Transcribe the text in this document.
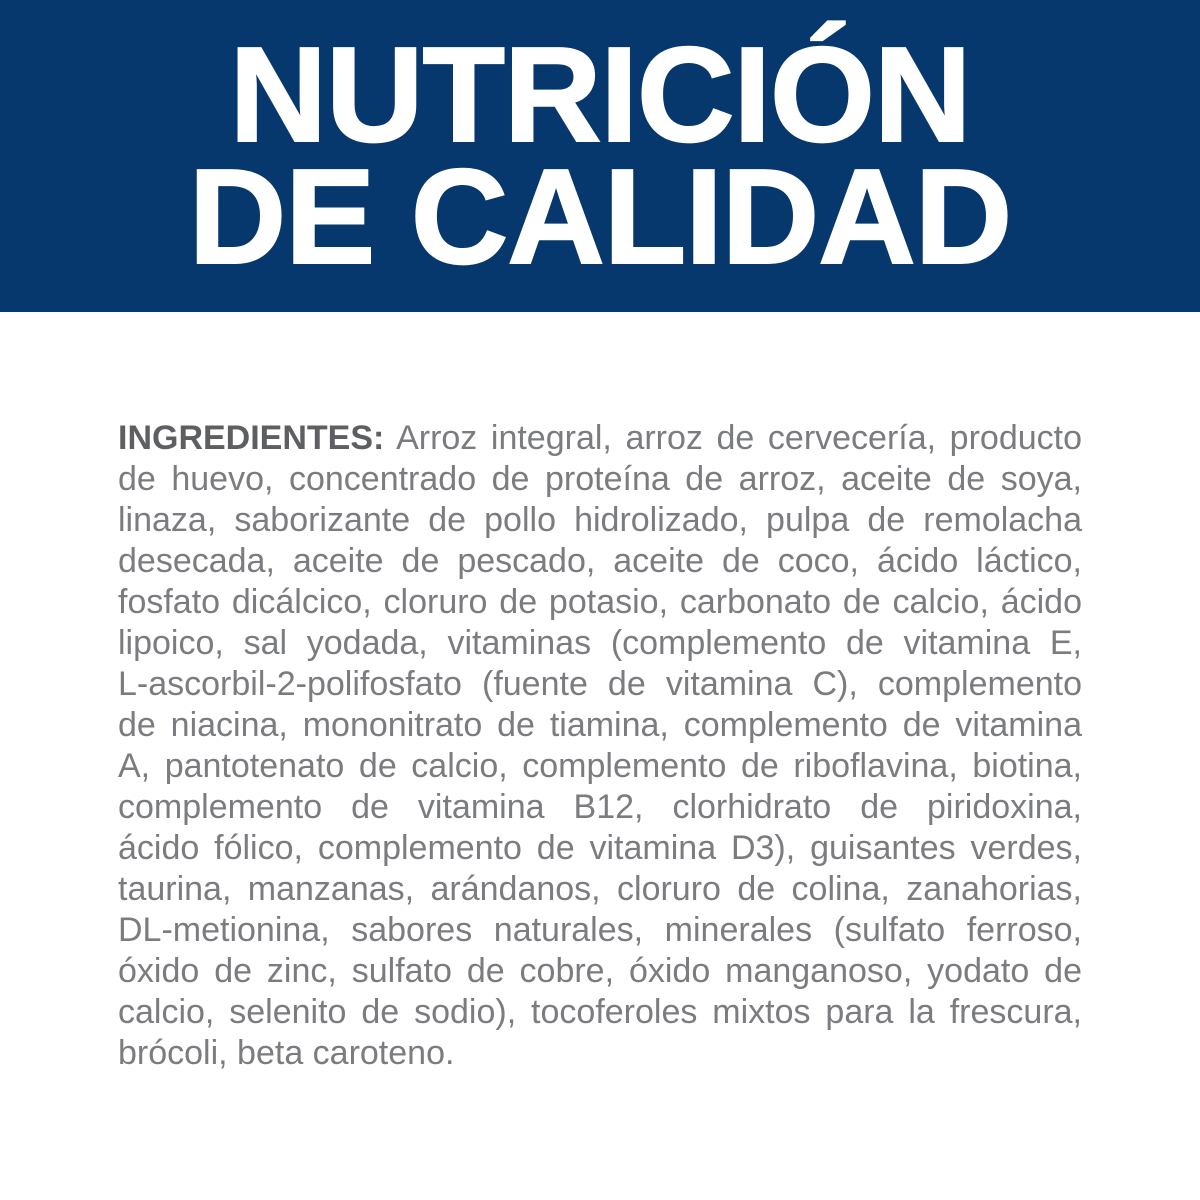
NUTRICIÓN
DE CALIDAD
INGREDIENTES: Arroz integral, arroz de cervecería, producto
de huevo, concentrado de proteína de arroz, aceite de soya,
linaza, saborizante de pollo hidrolizado, pulpa de remolacha
desecada, aceite de pescado, aceite de coco, ácido láctico,
fosfato dicálcico, cloruro de potasio, carbonato de calcio, ácido
lipoico, sal yodada, vitaminas (complemento de vitamina E,
L-ascorbil-2-polifosfato (fuente de vitamina C), complemento
de niacina, mononitrato de tiamina, complemento de vitamina
A, pantotenato de calcio, complemento de riboflavina, biotina,
complemento de vitamina B12, clorhidrato de piridoxina,
ácido fólico, complemento de vitamina D3), guisantes verdes,
taurina, manzanas, arándanos, cloruro de colina, zanahorias,
DL-metionina, sabores naturales, minerales (sulfato ferroso,
óxido de zinc, sulfato de cobre, óxido manganoso, yodato de
calcio, selenito de sodio), tocoferoles mixtos para la frescura,
brócoli, beta caroteno.
